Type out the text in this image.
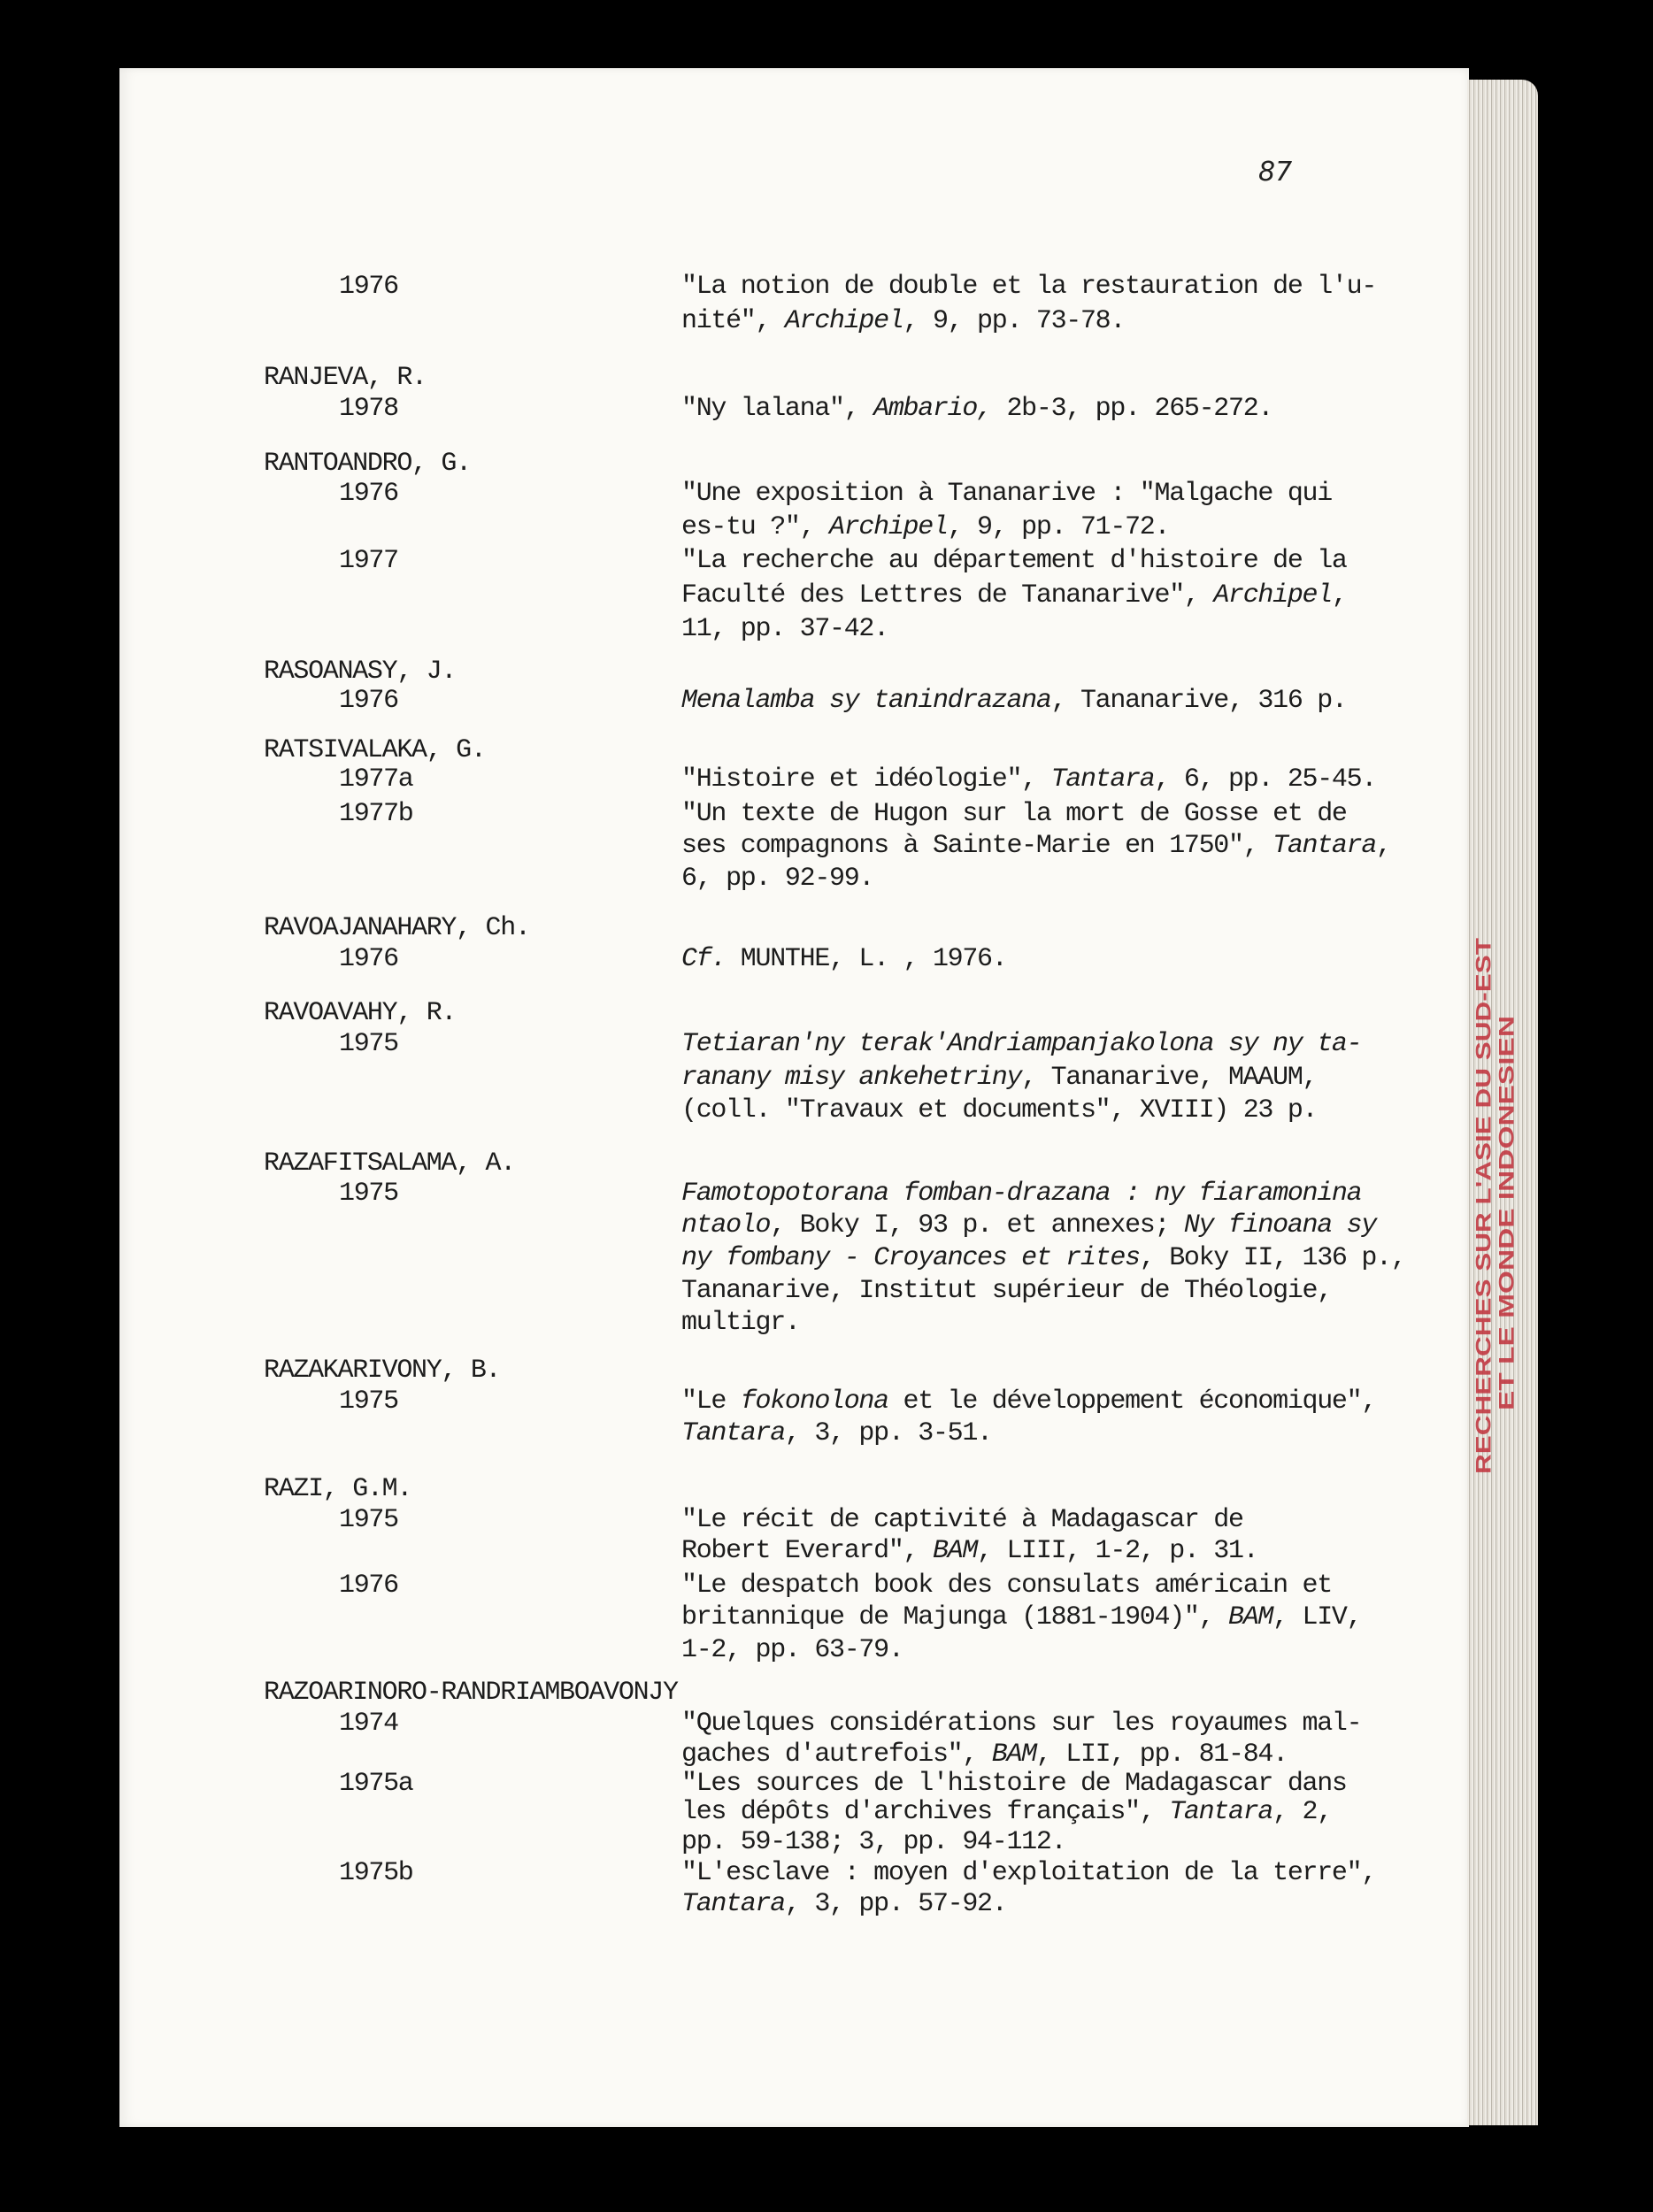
RECHERCHES SUR L'ASIE DU SUD-EST ET LE MONDE INDONESIEN
87
1976	"La notion de double et la restauration de l'u-
nité", Archipel, 9, pp. 73-78.
RANJEVA, R.
1978	"Ny lalana", Ambario, 2b-3, pp. 265-272.
RANTOANDRO, G.
1976	"Une exposition à Tananarive : "Malgache qui
es-tu ?", Archipel, 9, pp. 71-72.
1977	"La recherche au département d'histoire de la
Faculté des Lettres de Tananarive", Archipel,
11, pp. 37-42.
RASOANASY, J.
1976	Menalamba sy tanindrazana, Tananarive, 316 p.
RATSIVALAKA, G.
1977a	"Histoire et idéologie", Tantara, 6, pp. 25-45.
1977b	"Un texte de Hugon sur la mort de Gosse et de
ses compagnons à Sainte-Marie en 1750", Tantara,
6, pp. 92-99.
RAVOAJANAHARY, Ch.
1976	Cf. MUNTHE, L. , 1976.
RAVOAVAHY, R.
1975	Tetiaran'ny terak'Andriampanjakolona sy ny ta-
ranany misy ankehetriny, Tananarive, MAAUM,
(coll. "Travaux et documents", XVIII) 23 p.
RAZAFITSALAMA, A.
1975	Famotopotorana fomban-drazana : ny fiaramonina
ntaolo, Boky I, 93 p. et annexes; Ny finoana sy
ny fombany - Croyances et rites, Boky II, 136 p.,
Tananarive, Institut supérieur de Théologie,
multigr.
RAZAKARIVONY, B.
1975	"Le fokonolona et le développement économique",
Tantara, 3, pp. 3-51.
RAZI, G.M.
1975	"Le récit de captivité à Madagascar de
Robert Everard", BAM, LIII, 1-2, p. 31.
1976	"Le despatch book des consulats américain et
britannique de Majunga (1881-1904)", BAM, LIV,
1-2, pp. 63-79.
RAZOARINORO-RANDRIAMBOAVONJY
1974	"Quelques considérations sur les royaumes mal-
gaches d'autrefois", BAM, LII, pp. 81-84.
1975a	"Les sources de l'histoire de Madagascar dans
les dépôts d'archives français", Tantara, 2,
pp. 59-138; 3, pp. 94-112.
1975b	"L'esclave : moyen d'exploitation de la terre",
Tantara, 3, pp. 57-92.
